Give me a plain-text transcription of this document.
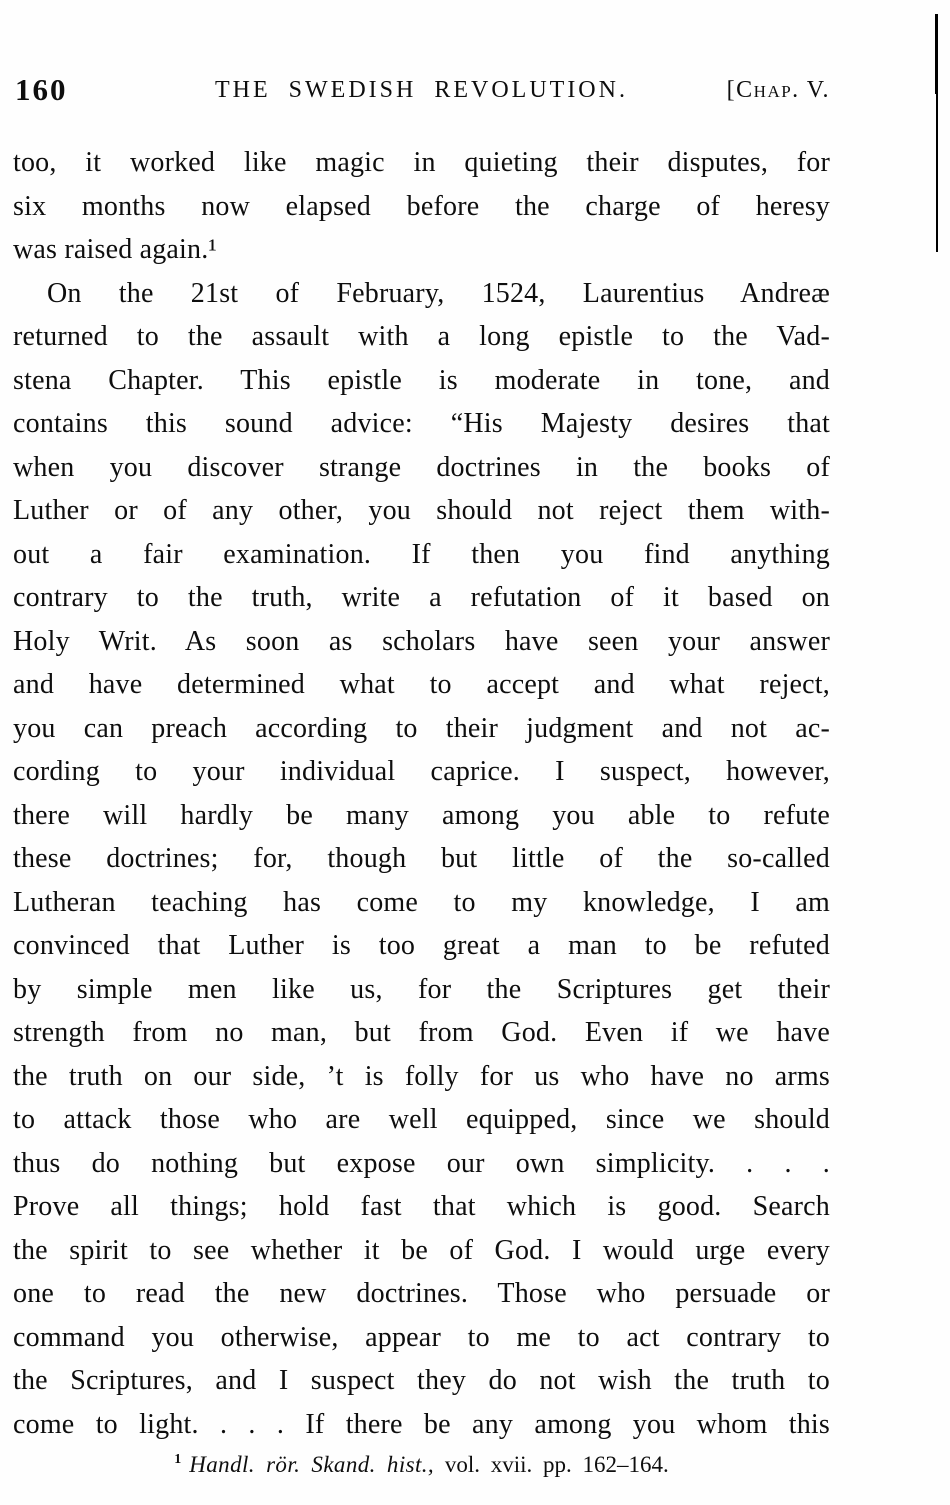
160	THE SWEDISH REVOLUTION.	[Chap. V.
too, it worked like magic in quieting their disputes, for
six months now elapsed before the charge of heresy
was raised again.¹
On the 21st of February, 1524, Laurentius Andreæ
returned to the assault with a long epistle to the Vad-
stena Chapter. This epistle is moderate in tone, and
contains this sound advice: “His Majesty desires that
when you discover strange doctrines in the books of
Luther or of any other, you should not reject them with-
out a fair examination. If then you find anything
contrary to the truth, write a refutation of it based on
Holy Writ. As soon as scholars have seen your answer
and have determined what to accept and what reject,
you can preach according to their judgment and not ac-
cording to your individual caprice. I suspect, however,
there will hardly be many among you able to refute
these doctrines; for, though but little of the so-called
Lutheran teaching has come to my knowledge, I am
convinced that Luther is too great a man to be refuted
by simple men like us, for the Scriptures get their
strength from no man, but from God. Even if we have
the truth on our side, ’t is folly for us who have no arms
to attack those who are well equipped, since we should
thus do nothing but expose our own simplicity. . . .
Prove all things; hold fast that which is good. Search
the spirit to see whether it be of God. I would urge every
one to read the new doctrines. Those who persuade or
command you otherwise, appear to me to act contrary to
the Scriptures, and I suspect they do not wish the truth to
come to light. . . . If there be any among you whom this
$^1$ Handl. rör. Skand. hist., vol. xvii. pp. 162–164.
